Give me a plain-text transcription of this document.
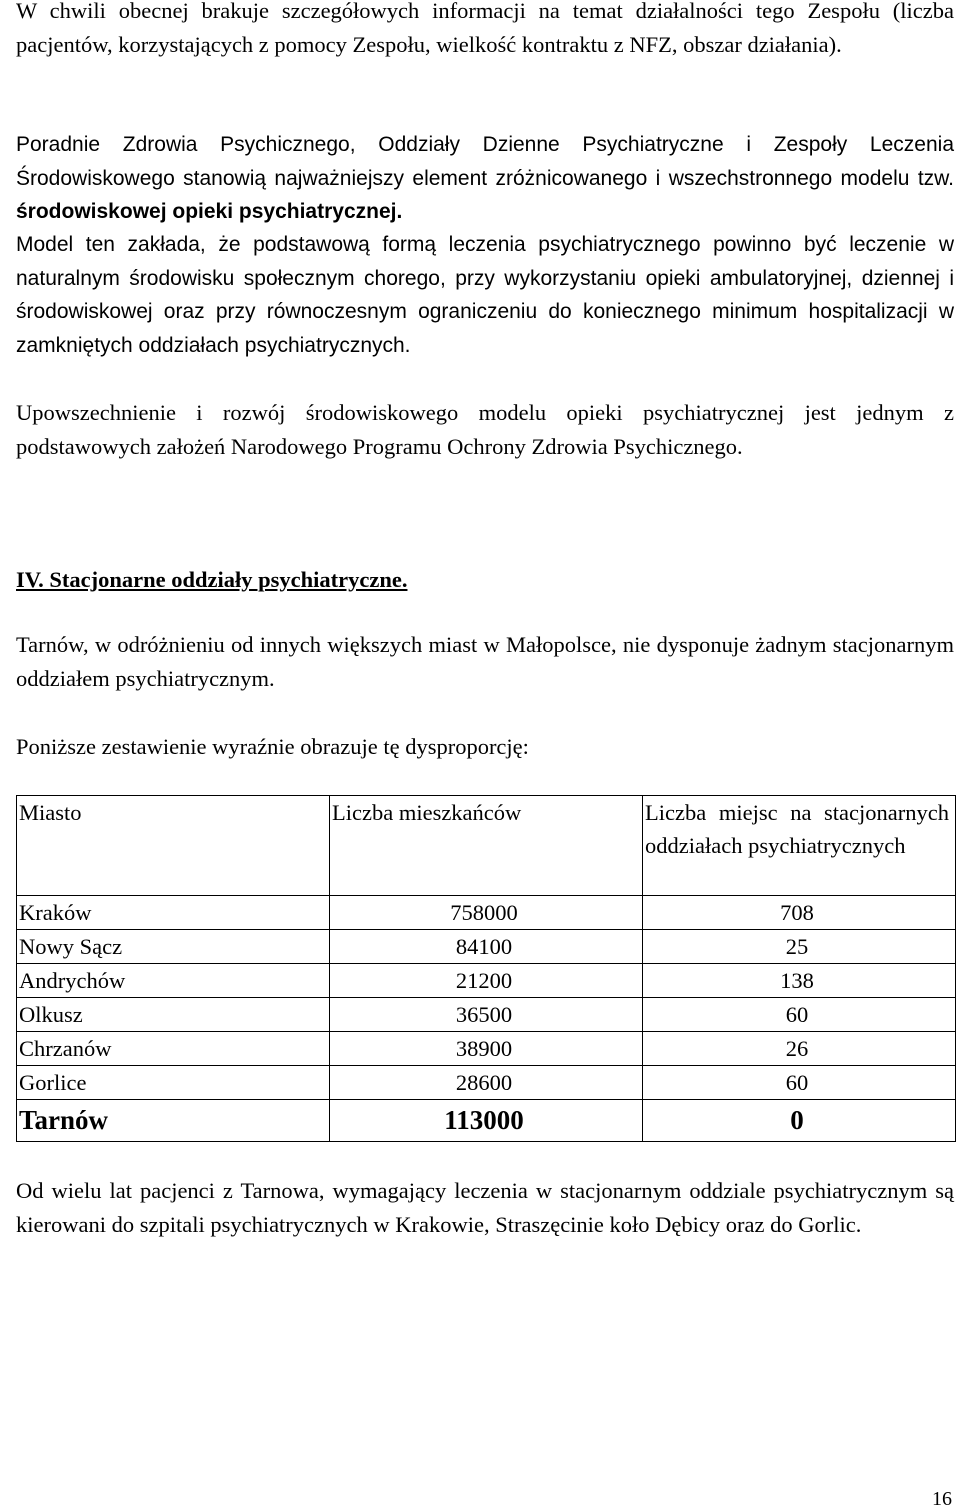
W chwili obecnej brakuje szczegółowych informacji na temat działalności tego Zespołu (liczba pacjentów, korzystających z pomocy Zespołu, wielkość kontraktu z NFZ, obszar działania).

Poradnie Zdrowia Psychicznego, Oddziały Dzienne Psychiatryczne i Zespoły Leczenia Środowiskowego stanowią najważniejszy element zróżnicowanego i wszechstronnego modelu tzw. środowiskowej opieki psychiatrycznej.

Model ten zakłada, że podstawową formą leczenia psychiatrycznego powinno być leczenie w naturalnym środowisku społecznym chorego, przy wykorzystaniu opieki ambulatoryjnej, dziennej i środowiskowej oraz przy równoczesnym ograniczeniu do koniecznego minimum hospitalizacji w zamkniętych oddziałach psychiatrycznych.

Upowszechnienie i rozwój środowiskowego modelu opieki psychiatrycznej jest jednym z podstawowych założeń Narodowego Programu Ochrony Zdrowia Psychicznego.

IV. Stacjonarne oddziały psychiatryczne.

Tarnów, w odróżnieniu od innych większych miast w Małopolsce, nie dysponuje żadnym stacjonarnym oddziałem psychiatrycznym.

Poniższe zestawienie wyraźnie obrazuje tę dysproporcję:

Miasto	Liczba mieszkańców	Liczba miejsc na stacjonarnych oddziałach psychiatrycznych
Kraków	758000	708
Nowy Sącz	84100	25
Andrychów	21200	138
Olkusz	36500	60
Chrzanów	38900	26
Gorlice	28600	60
Tarnów	113000	0

Od wielu lat pacjenci z Tarnowa, wymagający leczenia w stacjonarnym oddziale psychiatrycznym są kierowani do szpitali psychiatrycznych w Krakowie, Straszęcinie koło Dębicy oraz do Gorlic.

16
